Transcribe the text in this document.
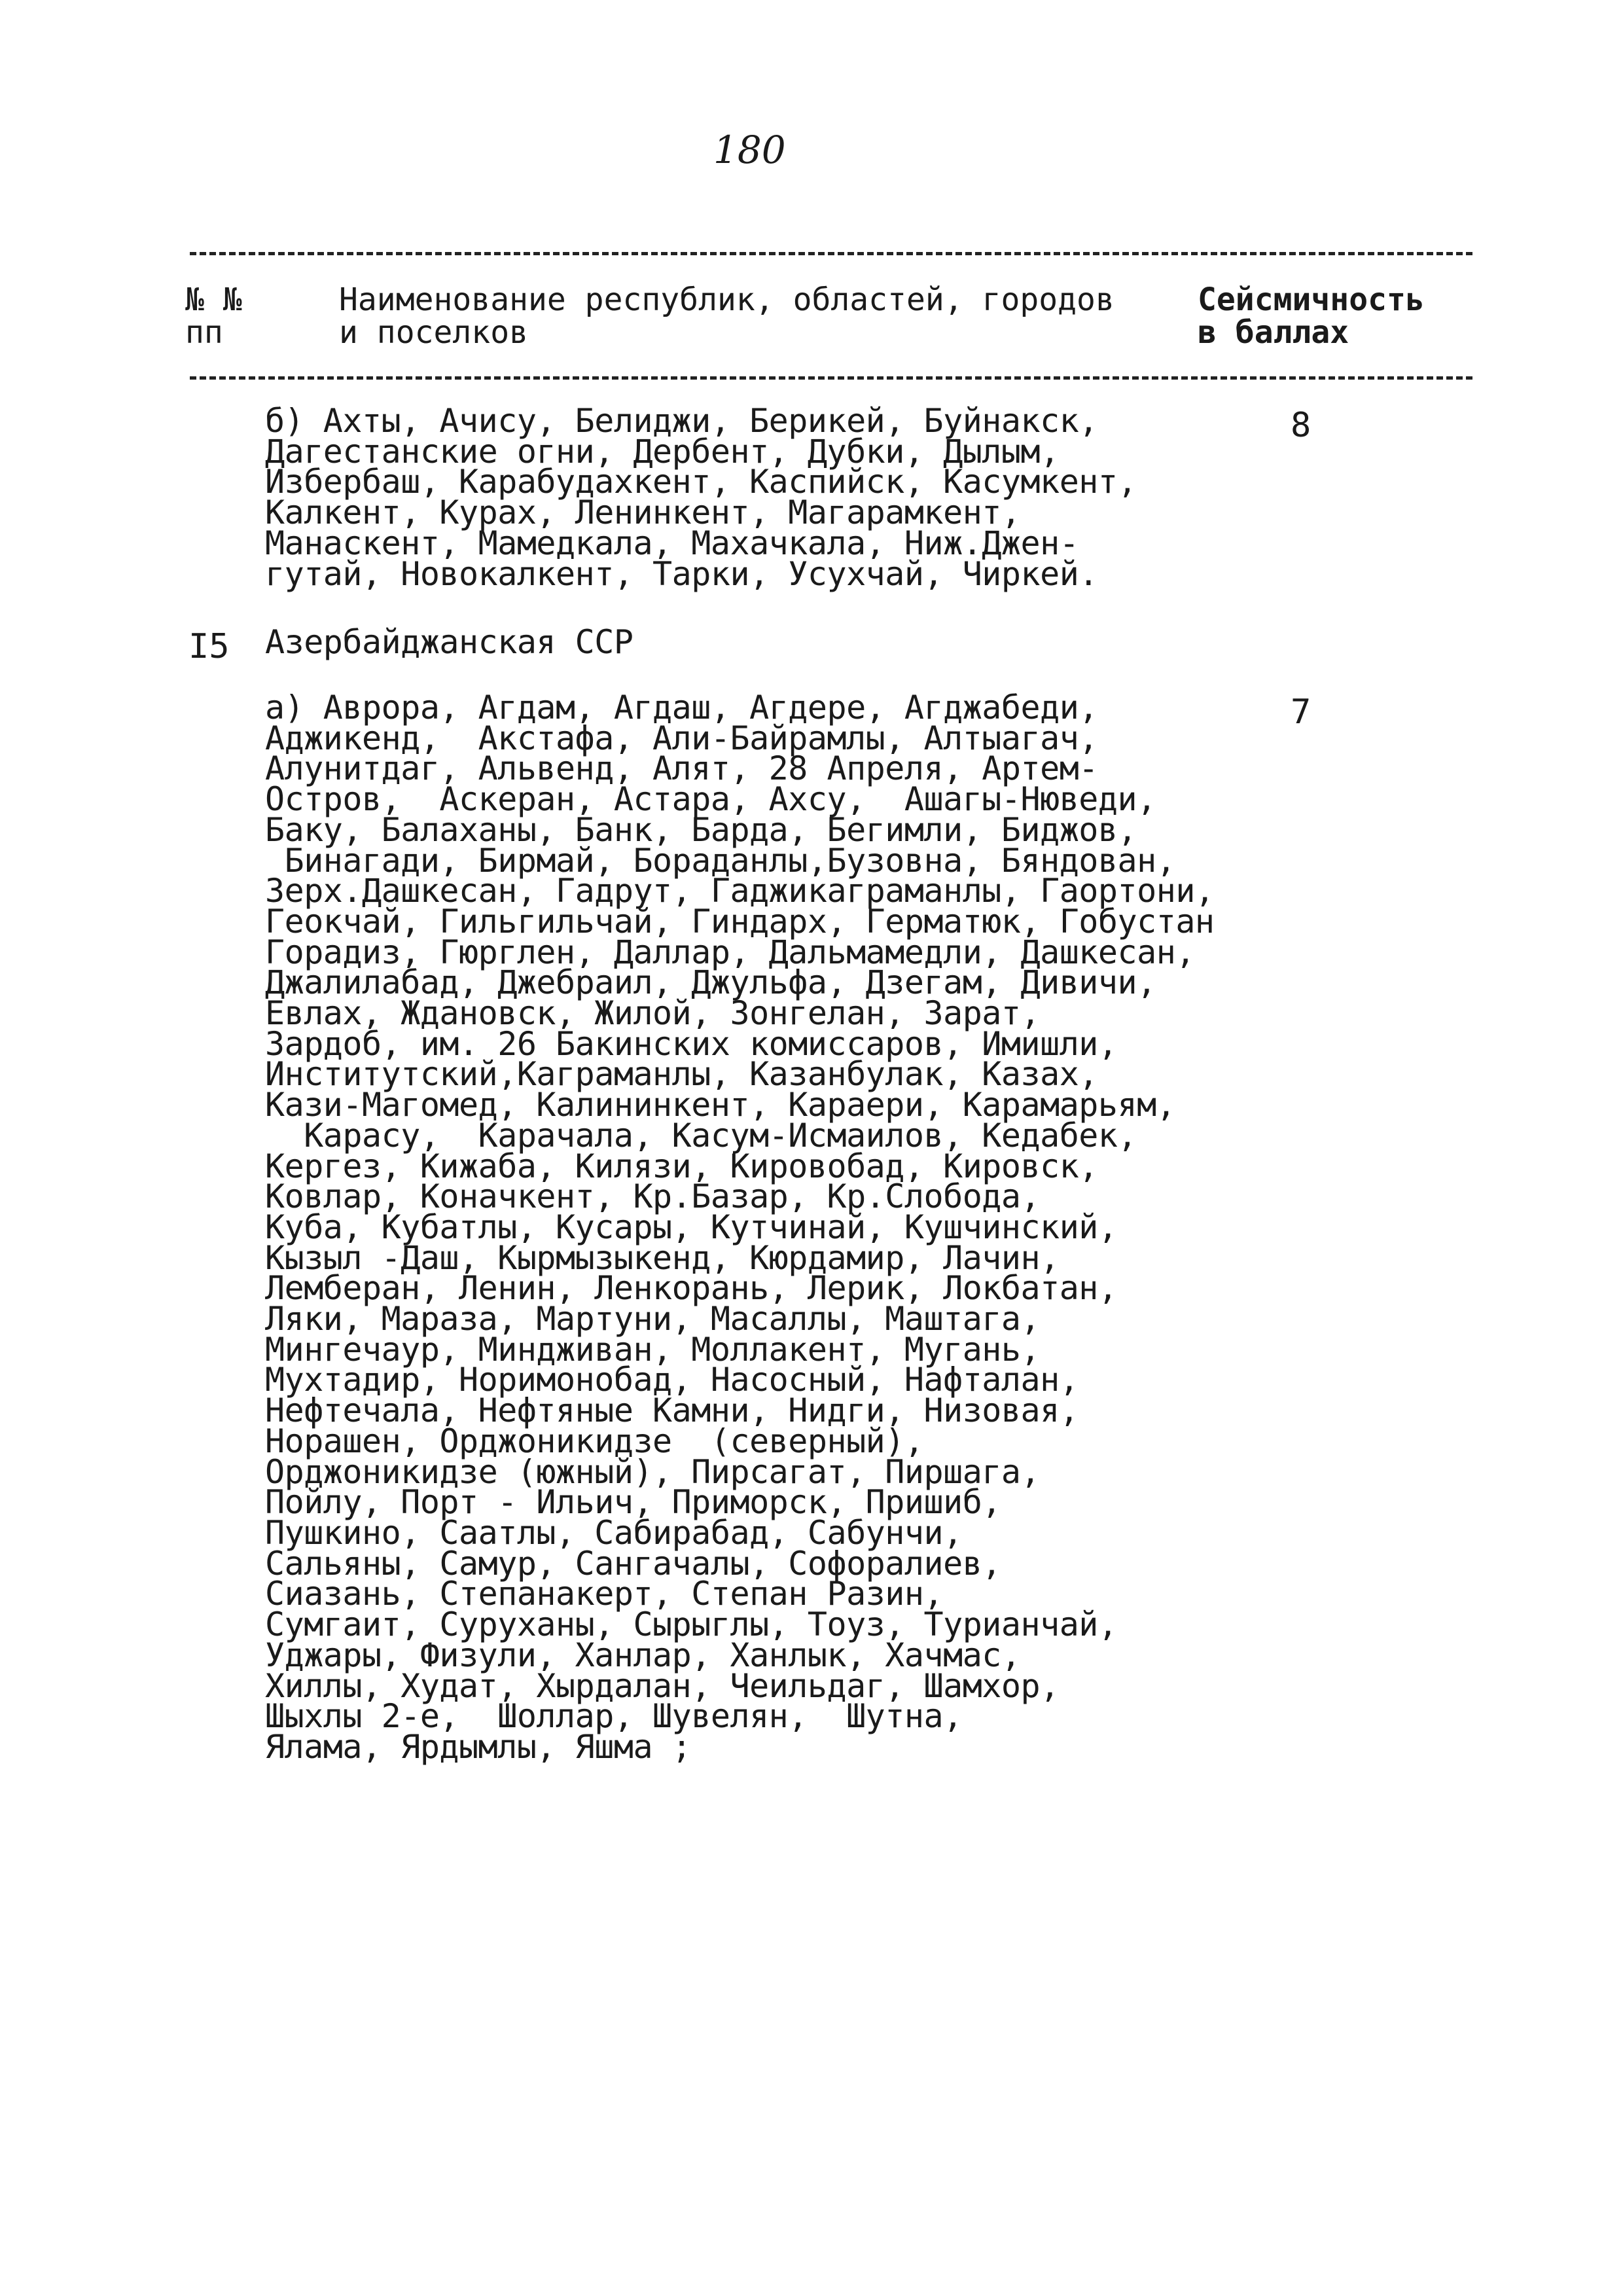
180
№ №
пп
Наименование республик, областей, городов
и поселков
Сейсмичность
в баллах
б) Ахты, Ачису, Белиджи, Берикей, Буйнакск,
Дагестанские огни, Дербент, Дубки, Дылым,
Избербаш, Карабудахкент, Каспийск, Касумкент,
Калкент, Курах, Ленинкент, Магарамкент,
Манаскент, Мамедкала, Махачкала, Ниж.Джен-
гутай, Новокалкент, Тарки, Усухчай, Чиркей.
8
I5 Азербайджанская ССР
а) Аврора, Агдам, Агдаш, Агдере, Агджабеди,
Аджикенд,  Акстафа, Али-Байрамлы, Алтыагач,
Алунитдаг, Альвенд, Алят, 28 Апреля, Артем-
Остров,  Аскеран, Астара, Ахсу,  Ашагы-Нюведи,
Баку, Балаханы, Банк, Барда, Бегимли, Биджов,
Бинагади, Бирмай, Бораданлы,Бузовна, Бяндован,
Зерх.Дашкесан, Гадрут, Гаджикаграманлы, Гаортони,
Геокчай, Гильгильчай, Гиндарх, Герматюк, Гобустан
Горадиз, Гюрглен, Даллар, Дальмамедли, Дашкесан,
Джалилабад, Джебраил, Джульфа, Дзегам, Дивичи,
Евлах, Ждановск, Жилой, Зонгелан, Зарат,
Зардоб, им. 26 Бакинских комиссаров, Имишли,
Институтский,Каграманлы, Казанбулак, Казах,
Кази-Магомед, Калининкент, Караери, Карамарьям,
Карасу,  Карачала, Касум-Исмаилов, Кедабек,
Кергез, Кижаба, Килязи, Кировобад, Кировск,
Ковлар, Коначкент, Кр.Базар, Кр.Слобода,
Куба, Кубатлы, Кусары, Кутчинай, Кушчинский,
Кызыл -Даш, Кырмызыкенд, Кюрдамир, Лачин,
Лемберан, Ленин, Ленкорань, Лерик, Локбатан,
Ляки, Мараза, Мартуни, Масаллы, Маштага,
Мингечаур, Миндживан, Моллакент, Мугань,
Мухтадир, Норимонобад, Насосный, Нафталан,
Нефтечала, Нефтяные Камни, Нидги, Низовая,
Норашен, Орджоникидзе  (северный),
Орджоникидзе (южный), Пирсагат, Пиршагa,
Пойлу, Порт - Ильич, Приморск, Пришиб,
Пушкино, Саатлы, Сабирабад, Сабунчи,
Сальяны, Самур, Сангачалы, Софоралиев,
Сиазань, Степанакерт, Степан Разин,
Сумгаит, Суруханы, Сырыглы, Тоуз, Турианчай,
Уджары, Физули, Ханлар, Ханлык, Хачмас,
Хиллы, Худат, Хырдалан, Чеильдаг, Шамхор,
Шыхлы 2-е,  Шоллар, Шувелян,  Шутна,
Ялама, Ярдымлы, Яшма ;
7
